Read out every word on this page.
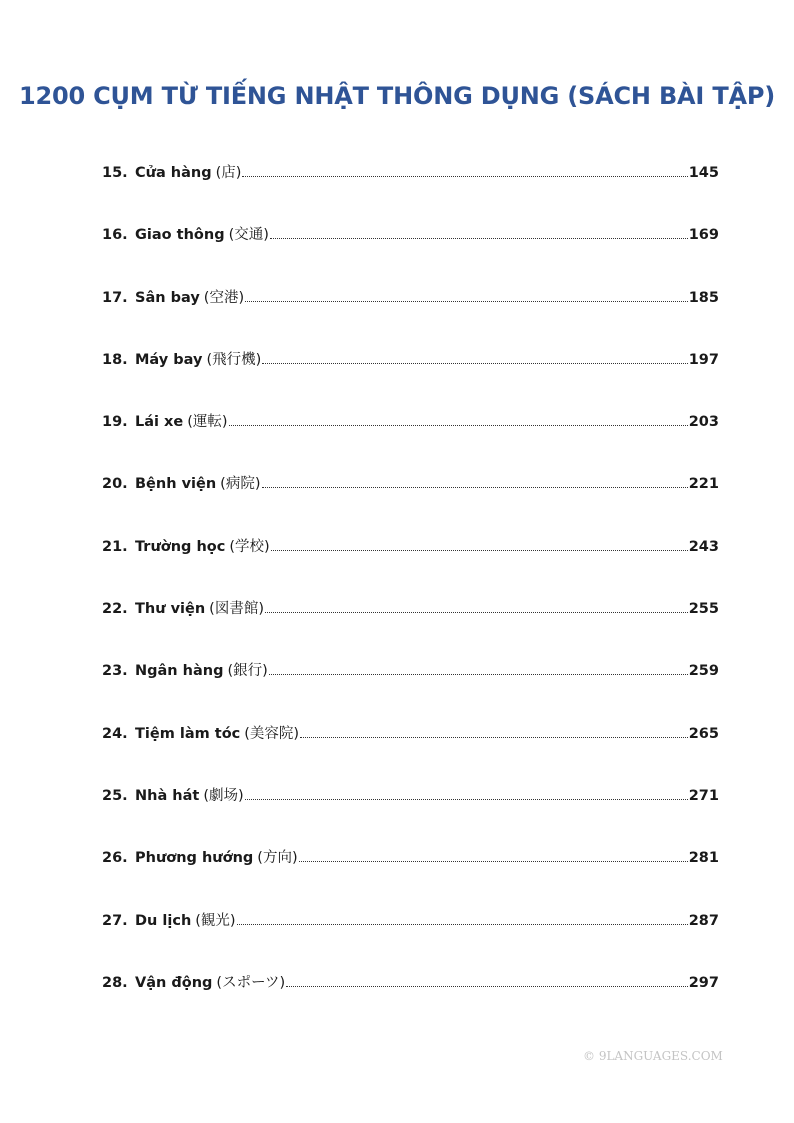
1200 CỤM TỪ TIẾNG NHẬT THÔNG DỤNG (SÁCH BÀI TẬP)
15. Cửa hàng (店)	145
16. Giao thông (交通)	169
17. Sân bay (空港)	185
18. Máy bay (飛行機)	197
19. Lái xe (運転)	203
20. Bệnh viện (病院)	221
21. Trường học (学校)	243
22. Thư viện (図書館)	255
23. Ngân hàng (銀行)	259
24. Tiệm làm tóc (美容院)	265
25. Nhà hát (劇场)	271
26. Phương hướng (方向)	281
27. Du lịch (観光)	287
28. Vận động (スポーツ)	297
© 9LANGUAGES.COM
